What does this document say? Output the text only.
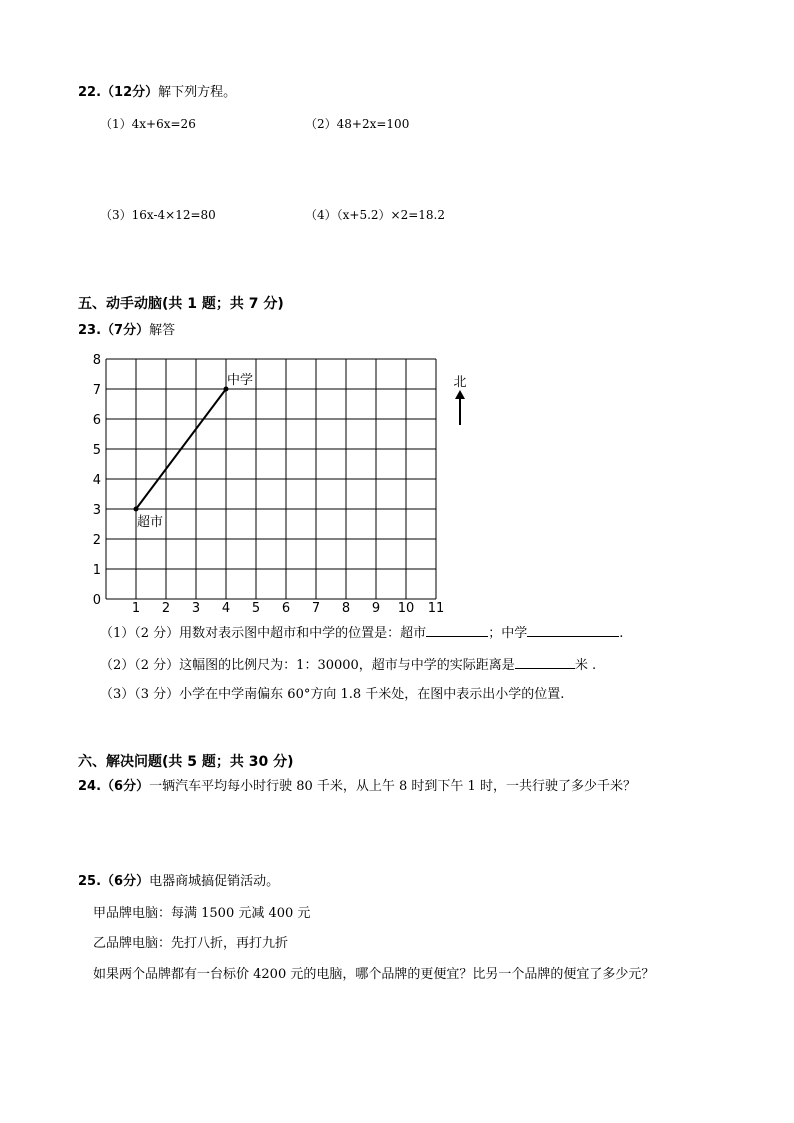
22.（12分）解下列方程。
（1）4x+6x=26	（2）48+2x=100
（3）16x-4×12=80	（4）（x+5.2）×2=18.2
五、动手动脑(共 1 题；共 7 分)
23.（7分）解答
0
1
2
3
4
5
6
7
8
1 2 3 4 5 6 7 8 9 10 11
超市
中学	北
（1）（2 分）用数对表示图中超市和中学的位置是：超市	；中学	.
（2）（2 分）这幅图的比例尺为：1：30000，超市与中学的实际距离是	米 .
（3）（3 分）小学在中学南偏东 60°方向 1.8 千米处，在图中表示出小学的位置.
六、解决问题(共 5 题；共 30 分)
24.（6分）一辆汽车平均每小时行驶 80 千米，从上午 8 时到下午 1 时，一共行驶了多少千米？
25.（6分）电器商城搞促销活动。
甲品牌电脑：每满 1500 元减 400 元
乙品牌电脑：先打八折，再打九折
如果两个品牌都有一台标价 4200 元的电脑，哪个品牌的更便宜？比另一个品牌的便宜了多少元？
